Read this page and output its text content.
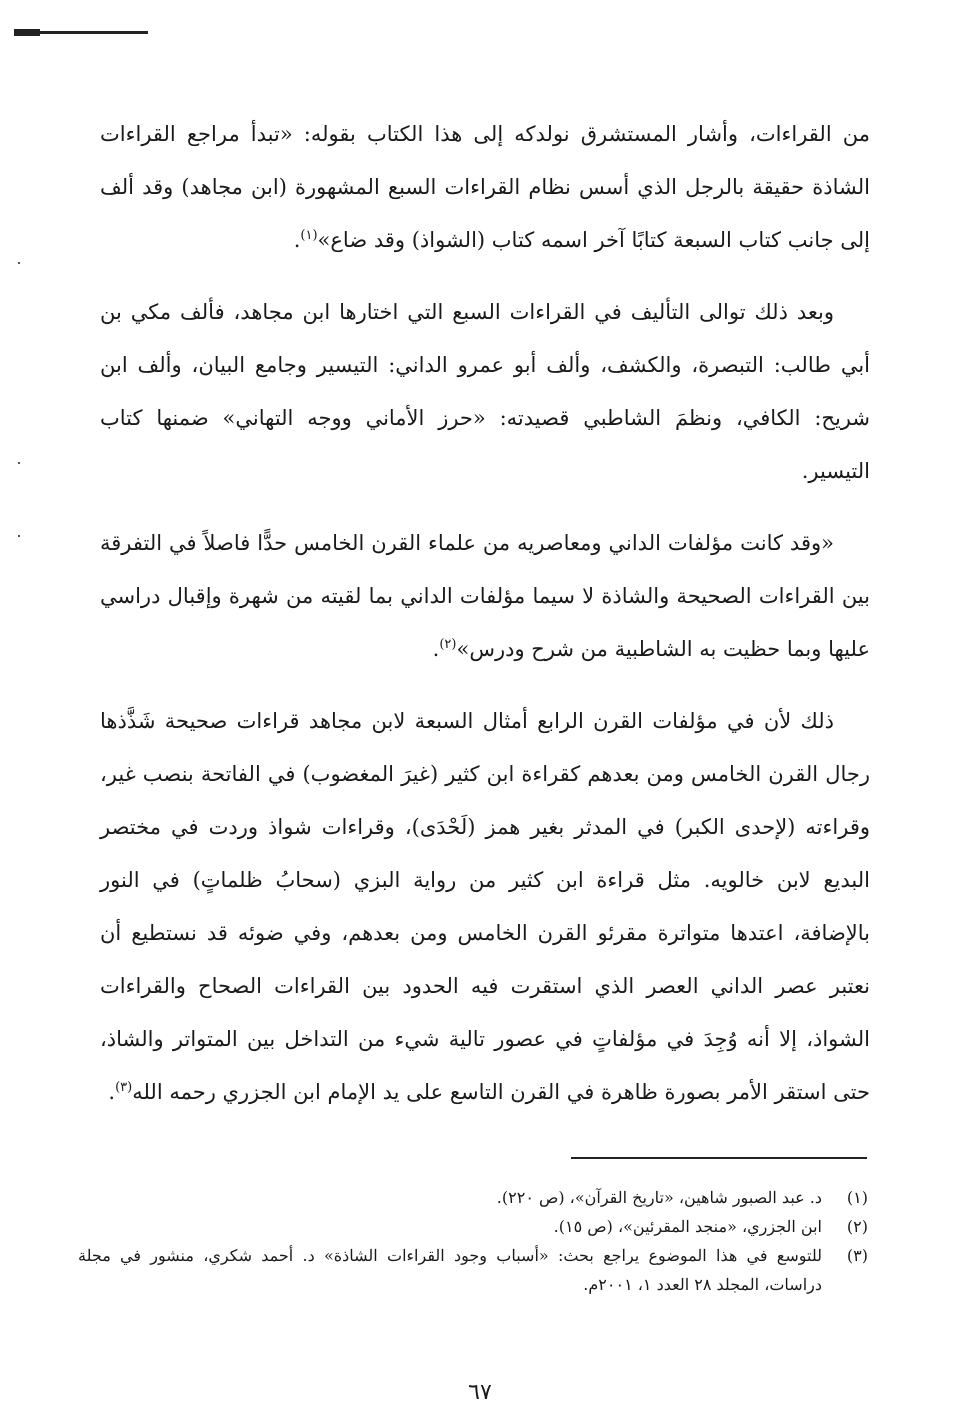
من القراءات، وأشار المستشرق نولدكه إلى هذا الكتاب بقوله: «تبدأ مراجع القراءات الشاذة حقيقة بالرجل الذي أسس نظام القراءات السبع المشهورة (ابن مجاهد) وقد ألف إلى جانب كتاب السبعة كتابًا آخر اسمه كتاب (الشواذ) وقد ضاع»$^{(١)}$.

وبعد ذلك توالى التأليف في القراءات السبع التي اختارها ابن مجاهد، فألف مكي بن أبي طالب: التبصرة، والكشف، وألف أبو عمرو الداني: التيسير وجامع البيان، وألف ابن شريح: الكافي، ونظمَ الشاطبي قصيدته: «حرز الأماني ووجه التهاني» ضمنها كتاب التيسير.

«وقد كانت مؤلفات الداني ومعاصريه من علماء القرن الخامس حدًّا فاصلاً في التفرقة بين القراءات الصحيحة والشاذة لا سيما مؤلفات الداني بما لقيته من شهرة وإقبال دراسي عليها وبما حظيت به الشاطبية من شرح ودرس»$^{(٢)}$.

ذلك لأن في مؤلفات القرن الرابع أمثال السبعة لابن مجاهد قراءات صحيحة شَذَّذها رجال القرن الخامس ومن بعدهم كقراءة ابن كثير (غيرَ المغضوب) في الفاتحة بنصب غير، وقراءته (لإحدى الكبر) في المدثر بغير همز (لَحْدَى)، وقراءات شواذ وردت في مختصر البديع لابن خالويه. مثل قراءة ابن كثير من رواية البزي (سحابُ ظلماتٍ) في النور بالإضافة، اعتدها متواترة مقرئو القرن الخامس ومن بعدهم، وفي ضوئه قد نستطيع أن نعتبر عصر الداني العصر الذي استقرت فيه الحدود بين القراءات الصحاح والقراءات الشواذ، إلا أنه وُجِدَ في مؤلفاتٍ في عصور تالية شيء من التداخل بين المتواتر والشاذ، حتى استقر الأمر بصورة ظاهرة في القرن التاسع على يد الإمام ابن الجزري رحمه الله$^{(٣)}$.

(١)
د. عبد الصبور شاهين، «تاريخ القرآن»، (ص ٢٢٠).
(٢)
ابن الجزري، «منجد المقرئين»، (ص ١٥).
(٣)
للتوسع في هذا الموضوع يراجع بحث: «أسباب وجود القراءات الشاذة» د. أحمد شكري، منشور في مجلة دراسات، المجلد ٢٨ العدد ١، ٢٠٠١م.
٦٧
